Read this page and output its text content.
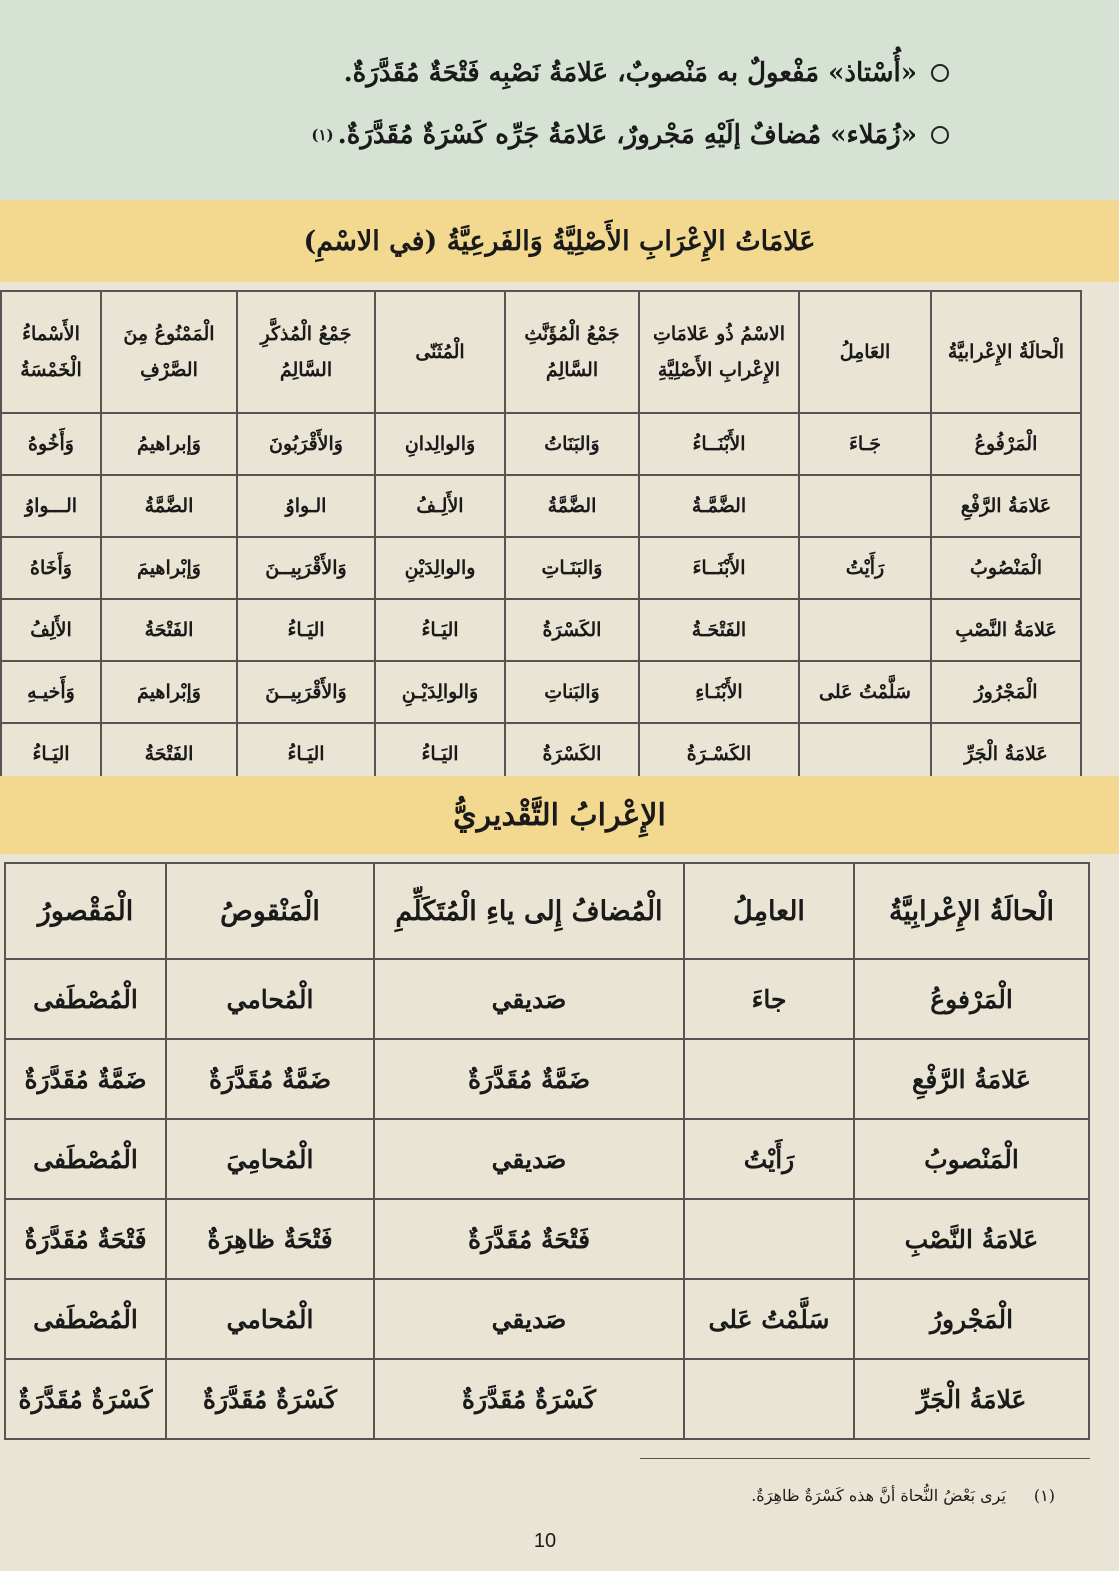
«أُسْتاذ» مَفْعولٌ به مَنْصوبٌ، عَلامَةُ نَصْبِه فَتْحَةٌ مُقَدَّرَةٌ.
«زُمَلاء» مُضافٌ إلَيْهِ مَجْرورٌ، عَلامَةُ جَرِّه كَسْرَةٌ مُقَدَّرَةٌ.
(١)
عَلامَاتُ الإِعْرَابِ الأَصْلِيَّةُ وَالفَرعِيَّةُ (في الاسْمِ)
الْحالَةُ الإِعْرابيَّةُ	العَامِلُ	الاسْمُ ذُو عَلامَاتِ الإِعْرابِ الأَصْلِيَّةِ	جَمْعُ الْمُؤَنَّثِ السَّالِمُ	الْمُثَنّى	جَمْعُ الْمُذكَّرِ السَّالِمُ	الْمَمْنُوعُ مِنَ الصَّرْفِ	الأَسْماءُ الْخَمْسَةُ
الْمَرْفُوعُ	جَـاءَ	الأَبْنَــاءُ	وَالبَنَاتُ	وَالوالِدانِ	وَالأَقْرَبُونَ	وَإبراهيمُ	وَأَخُوهُ
عَلامَةُ الرَّفْعِ		الضَّمَّـةُ	الضَّمَّةُ	الأَلِـفُ	الـواوُ	الضَّمَّةُ	الـــواوُ
الْمَنْصُوبُ	رَأَيْتُ	الأَبْنَــاءَ	وَالبَنَـاتِ	والوالِدَيْنِ	وَالأَقْرَبِيــنَ	وَإبْراهيمَ	وَأَخَاهُ
عَلامَةُ النَّصْبِ		الفَتْحَـةُ	الكَسْرَةُ	اليَـاءُ	اليَـاءُ	الفَتْحَةُ	الأَلِفُ
الْمَجْرُورُ	سَلَّمْتُ عَلى	الأَبْنَـاءِ	وَالبَناتِ	وَالوالِدَيْـنِ	وَالأَقْرَبِيــنَ	وَإبْراهيمَ	وَأَخيـهِ
عَلامَةُ الْجَرِّ		الكَسْـرَةُ	الكَسْرَةُ	اليَـاءُ	اليَـاءُ	الفَتْحَةُ	اليَـاءُ
الإِعْرابُ التَّقْديريُّ
الْحالَةُ الإِعْرابِيَّةُ	العامِلُ	الْمُضافُ إِلى ياءِ الْمُتَكَلِّمِ	الْمَنْقوصُ	الْمَقْصورُ
الْمَرْفوعُ	جاءَ	صَديقي	الْمُحامي	الْمُصْطَفى
عَلامَةُ الرَّفْعِ		ضَمَّةٌ مُقَدَّرَةٌ	ضَمَّةٌ مُقَدَّرَةٌ	ضَمَّةٌ مُقَدَّرَةٌ
الْمَنْصوبُ	رَأَيْتُ	صَديقي	الْمُحامِيَ	الْمُصْطَفى
عَلامَةُ النَّصْبِ		فَتْحَةٌ مُقَدَّرَةٌ	فَتْحَةٌ ظاهِرَةٌ	فَتْحَةٌ مُقَدَّرَةٌ
الْمَجْرورُ	سَلَّمْتُ عَلى	صَديقي	الْمُحامي	الْمُصْطَفى
عَلامَةُ الْجَرِّ		كَسْرَةٌ مُقَدَّرَةٌ	كَسْرَةٌ مُقَدَّرَةٌ	كَسْرَةٌ مُقَدَّرَةٌ
(١)
يَرى بَعْضُ النُّحاة أنَّ هذه كَسْرَةٌ ظاهِرَةٌ.
10
